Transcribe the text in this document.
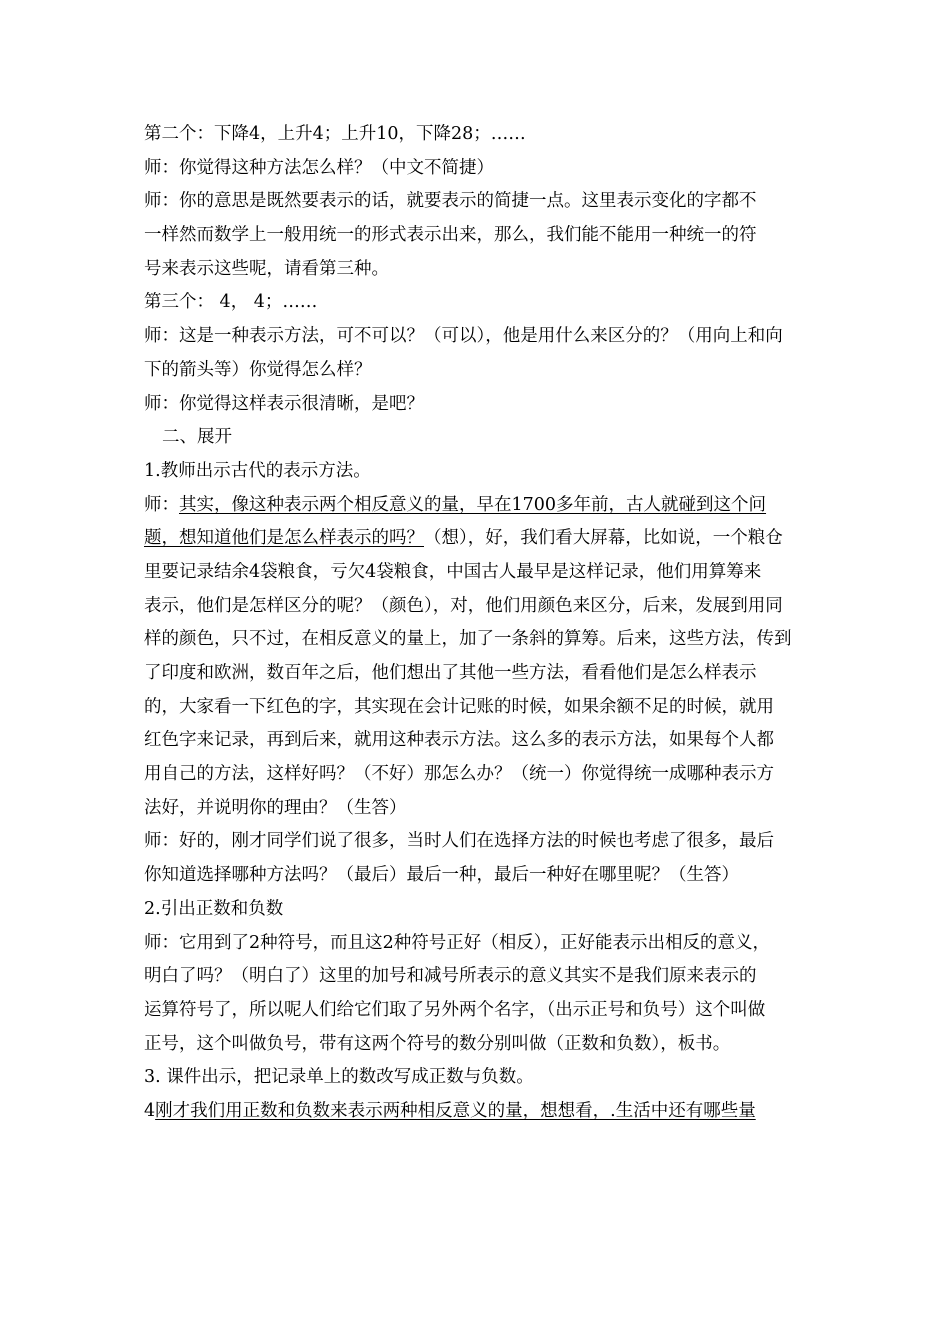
第二个：下降4，上升4；上升10，下降28；……
师：你觉得这种方法怎么样？（中文不简捷）
师：你的意思是既然要表示的话，就要表示的简捷一点。这里表示变化的字都不
一样然而数学上一般用统一的形式表示出来，那么，我们能不能用一种统一的符
号来表示这些呢，请看第三种。
第三个： 4， 4；……
师：这是一种表示方法，可不可以？（可以），他是用什么来区分的？（用向上和向
下的箭头等）你觉得怎么样？
师：你觉得这样表示很清晰，是吧？
二、展开
1.教师出示古代的表示方法。
师：其实，像这种表示两个相反意义的量，早在1700多年前，古人就碰到这个问
题，想知道他们是怎么样表示的吗？（想），好，我们看大屏幕，比如说，一个粮仓
里要记录结余4袋粮食，亏欠4袋粮食，中国古人最早是这样记录，他们用算筹来
表示，他们是怎样区分的呢？（颜色），对，他们用颜色来区分，后来，发展到用同
样的颜色，只不过，在相反意义的量上，加了一条斜的算筹。后来，这些方法，传到
了印度和欧洲，数百年之后，他们想出了其他一些方法，看看他们是怎么样表示
的，大家看一下红色的字，其实现在会计记账的时候，如果余额不足的时候，就用
红色字来记录，再到后来，就用这种表示方法。这么多的表示方法，如果每个人都
用自己的方法，这样好吗？（不好）那怎么办？（统一）你觉得统一成哪种表示方
法好，并说明你的理由？（生答）
师：好的，刚才同学们说了很多，当时人们在选择方法的时候也考虑了很多，最后
你知道选择哪种方法吗？（最后）最后一种，最后一种好在哪里呢？（生答）
2.引出正数和负数
师：它用到了2种符号，而且这2种符号正好（相反），正好能表示出相反的意义，
明白了吗？（明白了）这里的加号和减号所表示的意义其实不是我们原来表示的
运算符号了，所以呢人们给它们取了另外两个名字，（出示正号和负号）这个叫做
正号，这个叫做负号，带有这两个符号的数分别叫做（正数和负数），板书。
3. 课件出示，把记录单上的数改写成正数与负数。
4刚才我们用正数和负数来表示两种相反意义的量，想想看，.生活中还有哪些量
